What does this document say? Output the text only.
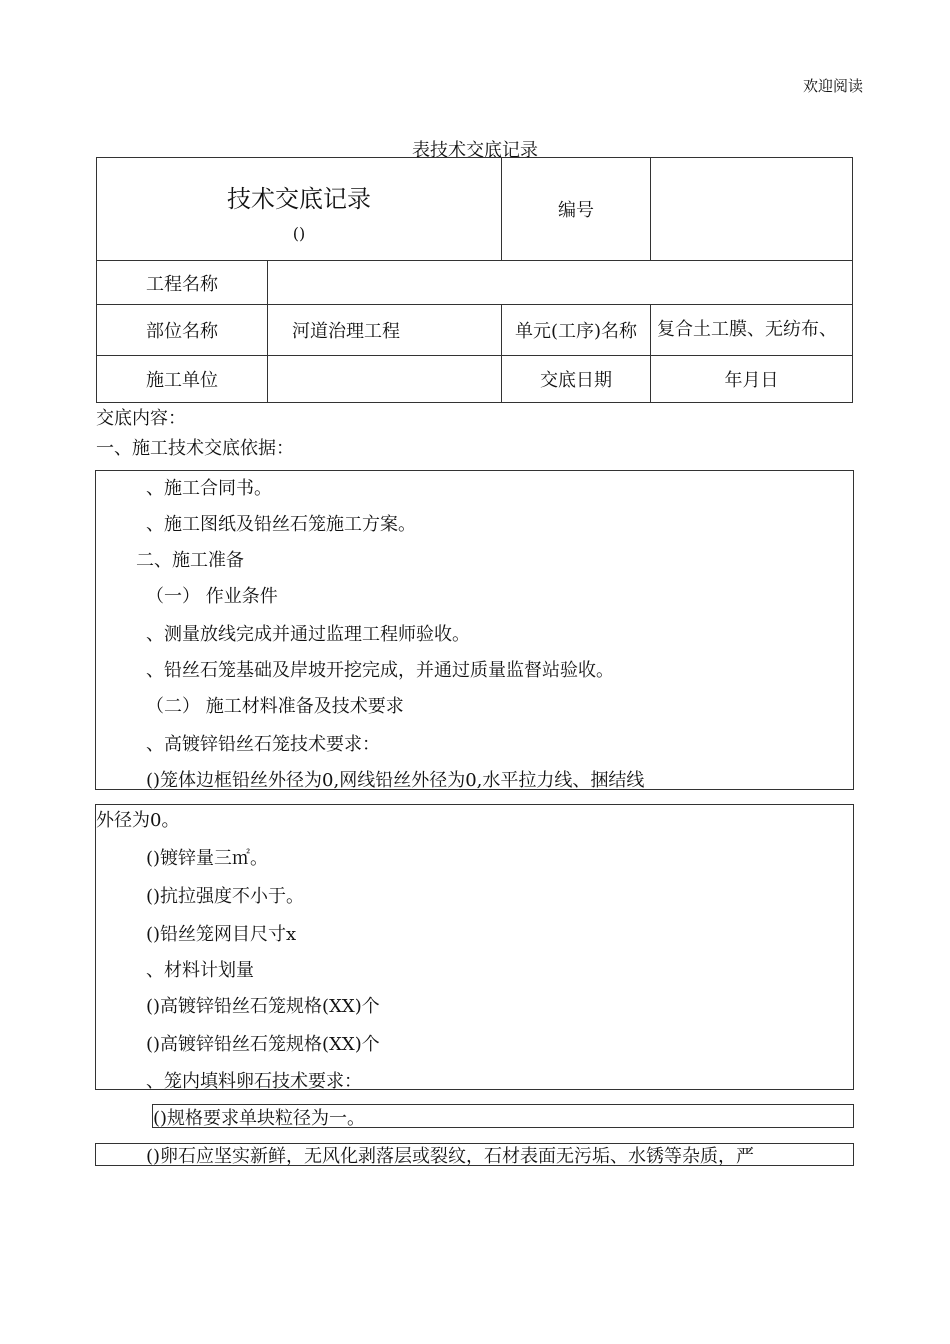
欢迎阅读
表技术交底记录
技术交底记录
()		编号	
工程名称			
部位名称	河道治理工程	单元(工序)名称	复合土工膜、无纺布、
施工单位		交底日期	年月日
交底内容：
一、施工技术交底依据：
、施工合同书。
、施工图纸及铅丝石笼施工方案。
二、施工准备
（一） 作业条件
、测量放线完成并通过监理工程师验收。
、铅丝石笼基础及岸坡开挖完成，并通过质量监督站验收。
（二） 施工材料准备及技术要求
、高镀锌铅丝石笼技术要求：
()笼体边框铅丝外径为0,网线铅丝外径为0,水平拉力线、捆结线
外径为0。
()镀锌量三㎡。
()抗拉强度不小于。
()铅丝笼网目尺寸x
、材料计划量
()高镀锌铅丝石笼规格(XX)个
()高镀锌铅丝石笼规格(XX)个
、笼内填料卵石技术要求：
()规格要求单块粒径为一。
()卵石应坚实新鲜，无风化剥落层或裂纹，石材表面无污垢、水锈等杂质，严
